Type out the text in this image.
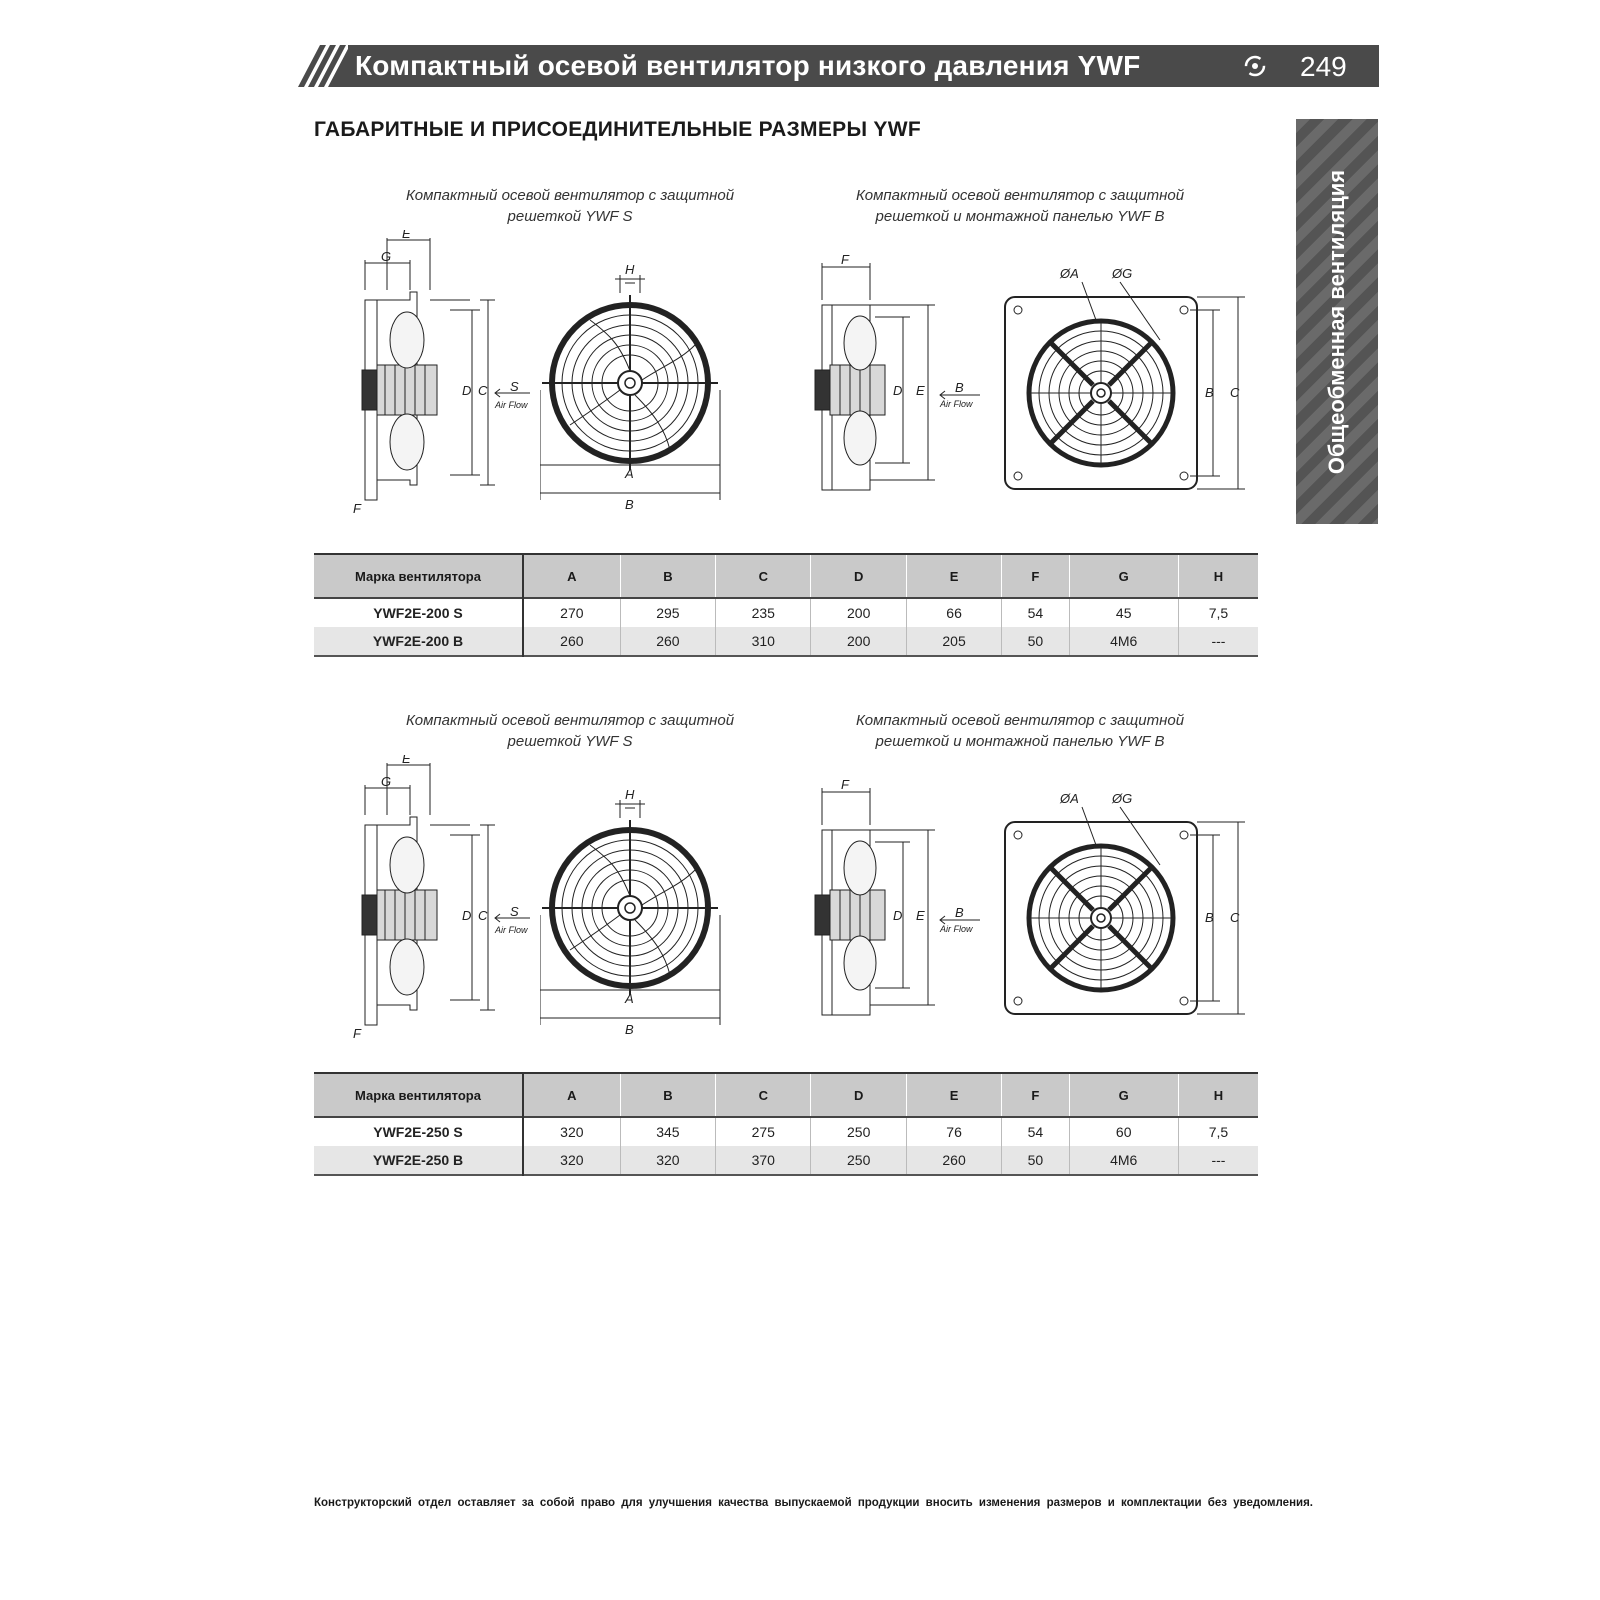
Компактный осевой вентилятор низкого давления YWF	249
ГАБАРИТНЫЕ И ПРИСОЕДИНИТЕЛЬНЫЕ РАЗМЕРЫ YWF
Общеобменная вентиляция
Компактный осевой вентилятор с защитной решеткой YWF S
Компактный осевой вентилятор с защитной решеткой и монтажной панелью YWF B
E
G
F
D C S
Air Flow
H
A
B
F
D E B
Air Flow
ØA	ØG
B C
Марка вентилятора	A	B	C	D	E	F	G	H
YWF2E-200 S	270	295	235	200	66	54	45	7,5
YWF2E-200 B	260	260	310	200	205	50	4M6	---
Компактный осевой вентилятор с защитной решеткой YWF S
Компактный осевой вентилятор с защитной решеткой и монтажной панелью YWF B
E
G
F
D C S
Air Flow
H
A
B
F
D E B
Air Flow
ØA	ØG
B C
Марка вентилятора	A	B	C	D	E	F	G	H
YWF2E-250 S	320	345	275	250	76	54	60	7,5
YWF2E-250 B	320	320	370	250	260	50	4M6	---
Конструкторский отдел оставляет за собой право для улучшения качества выпускаемой продукции вносить изменения размеров и комплектации без уведомления.
